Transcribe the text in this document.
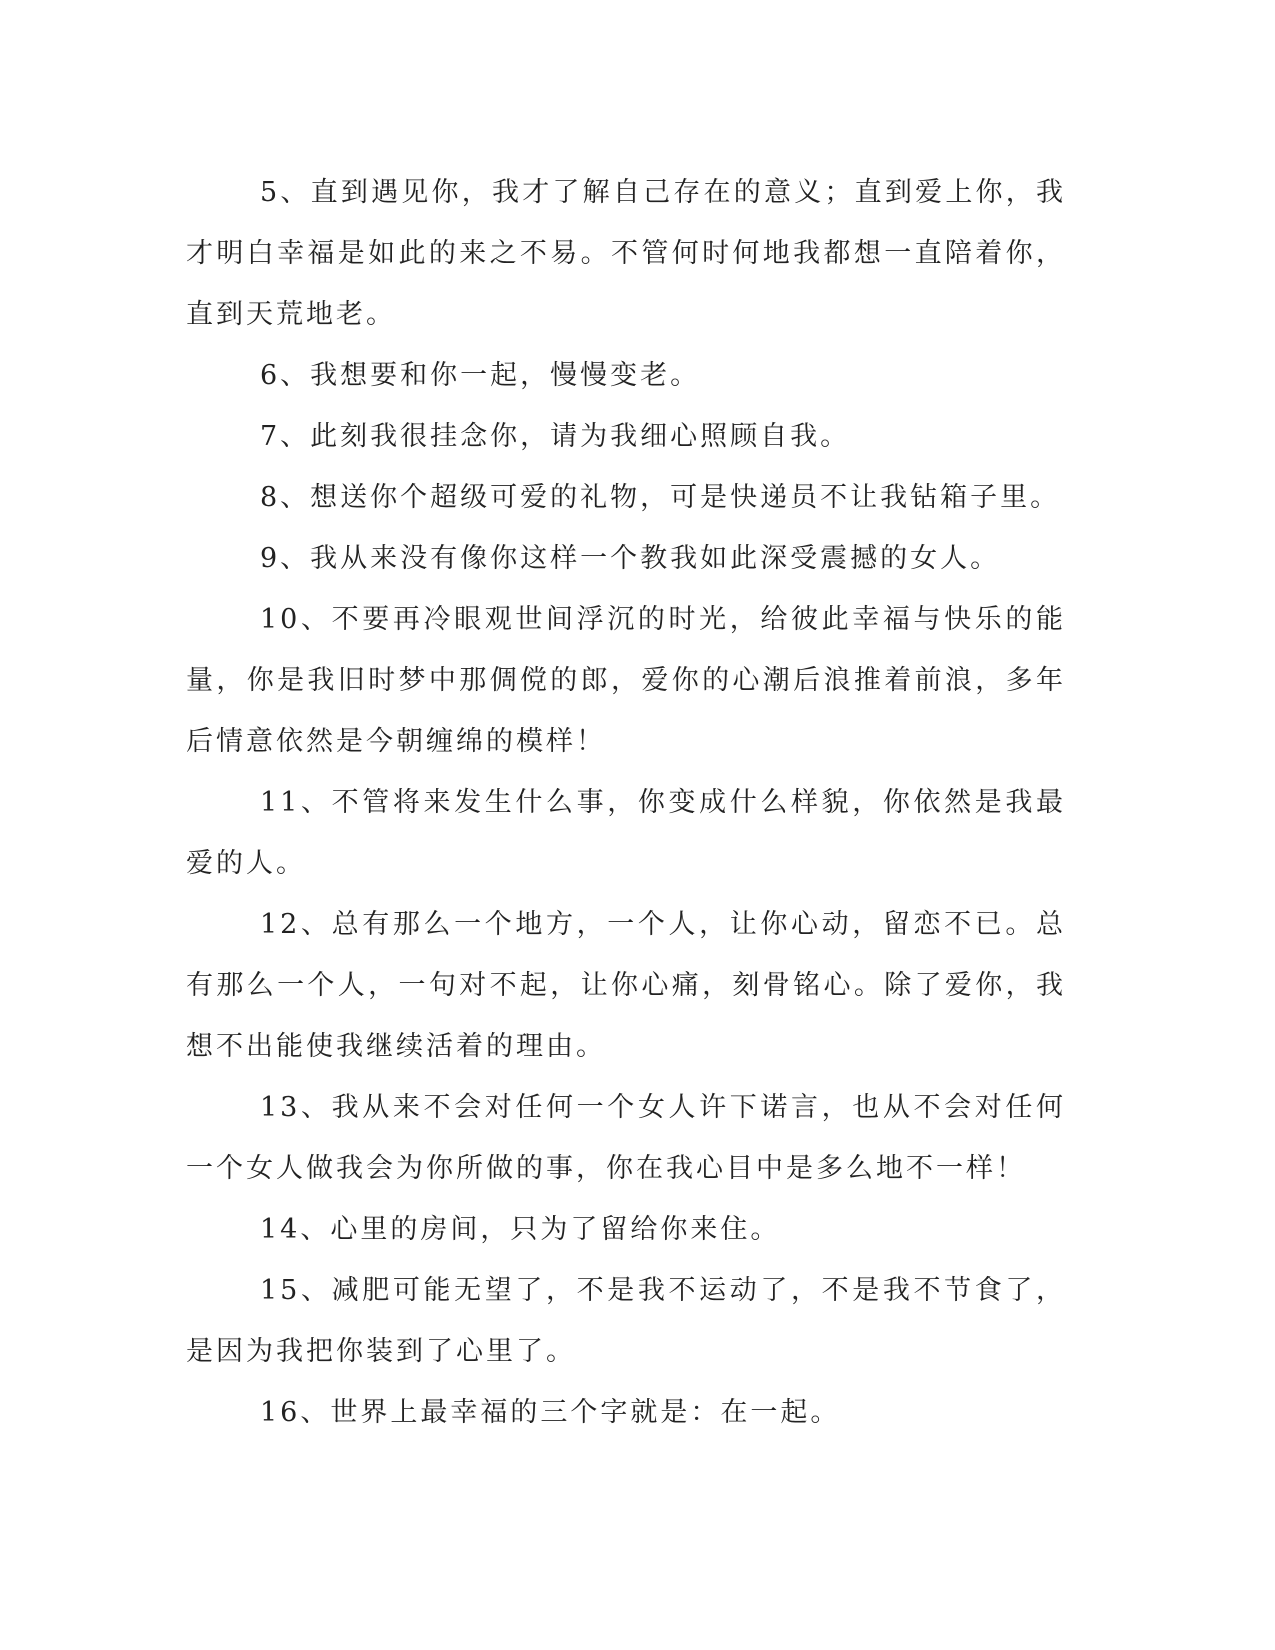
5、直到遇见你，我才了解自己存在的意义；直到爱上你，我才明白幸福是如此的来之不易。不管何时何地我都想一直陪着你，直到天荒地老。

6、我想要和你一起，慢慢变老。

7、此刻我很挂念你，请为我细心照顾自我。

8、想送你个超级可爱的礼物，可是快递员不让我钻箱子里。

9、我从来没有像你这样一个教我如此深受震撼的女人。

10、不要再冷眼观世间浮沉的时光，给彼此幸福与快乐的能量，你是我旧时梦中那倜傥的郎，爱你的心潮后浪推着前浪，多年后情意依然是今朝缠绵的模样！

11、不管将来发生什么事，你变成什么样貌，你依然是我最爱的人。

12、总有那么一个地方，一个人，让你心动，留恋不已。总有那么一个人，一句对不起，让你心痛，刻骨铭心。除了爱你，我想不出能使我继续活着的理由。

13、我从来不会对任何一个女人许下诺言，也从不会对任何一个女人做我会为你所做的事，你在我心目中是多么地不一样！

14、心里的房间，只为了留给你来住。

15、减肥可能无望了，不是我不运动了，不是我不节食了，是因为我把你装到了心里了。

16、世界上最幸福的三个字就是：在一起。
